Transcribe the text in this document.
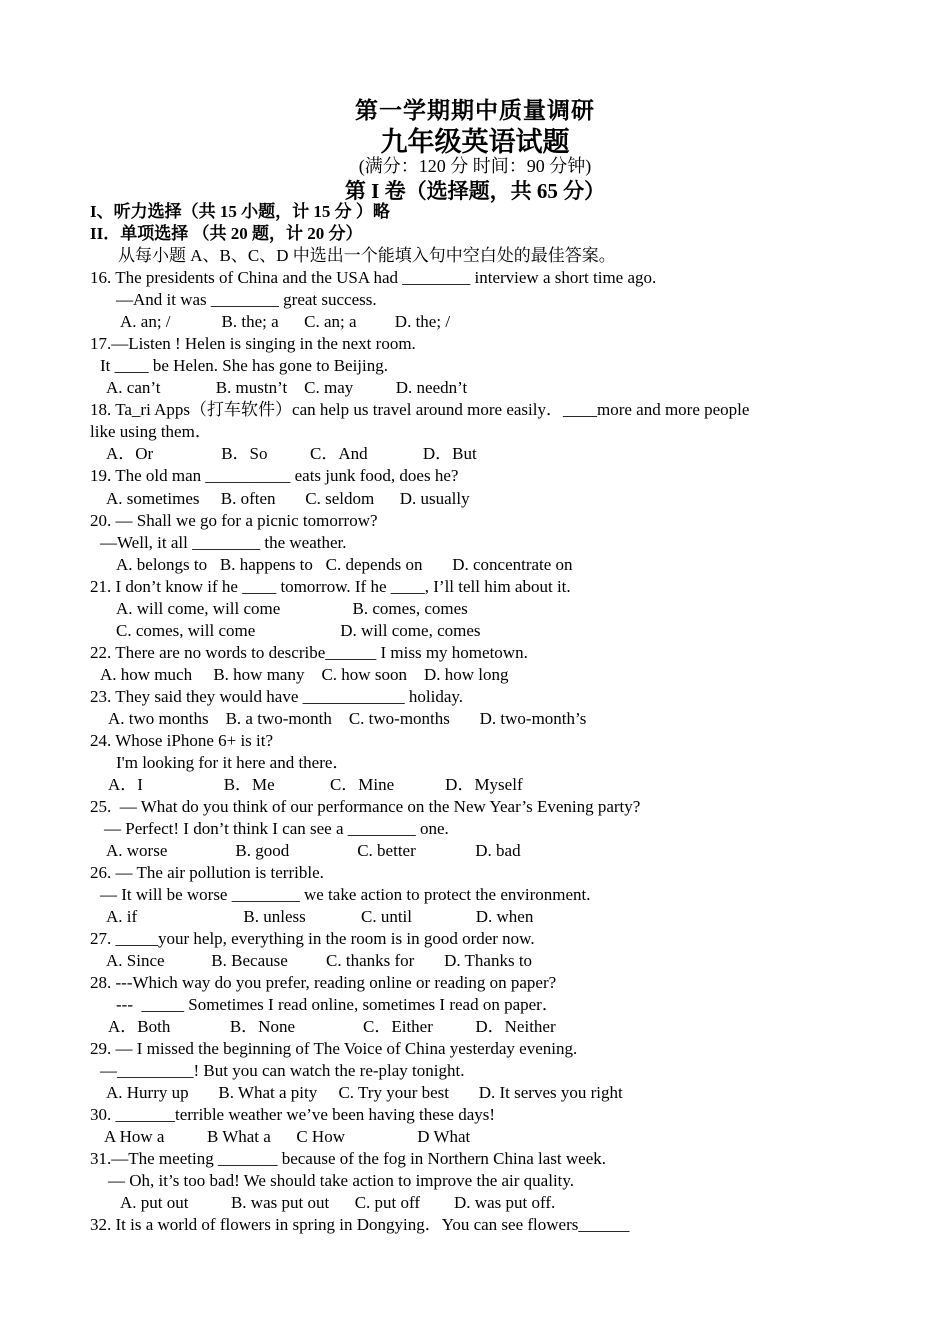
第一学期期中质量调研
九年级英语试题
(满分：120 分 时间：90 分钟)
第 I 卷（选择题，共 65 分）
I、听力选择（共 15 小题，计 15 分 ）略
II．单项选择 （共 20 题，计 20 分）
从每小题 A、B、C、D 中选出一个能填入句中空白处的最佳答案。
16. The presidents of China and the USA had ________ interview a short time ago.
—And it was ________ great success.
A. an; /            B. the; a      C. an; a         D. the; /
17.—Listen ! Helen is singing in the next room.
It ____ be Helen. She has gone to Beijing.
A. can’t             B. mustn’t    C. may          D. needn’t
18. Ta_ri Apps（打车软件）can help us travel around more easily．____more and more people
like using them．
A．Or                B．So          C．And             D．But
19. The old man __________ eats junk food, does he?
A. sometimes     B. often       C. seldom      D. usually
20. — Shall we go for a picnic tomorrow?
—Well, it all ________ the weather.
A. belongs to   B. happens to   C. depends on       D. concentrate on
21. I don’t know if he ____ tomorrow. If he ____, I’ll tell him about it.
A. will come, will come                 B. comes, comes
C. comes, will come                    D. will come, comes
22. There are no words to describe______ I miss my hometown.
A. how much     B. how many    C. how soon    D. how long
23. They said they would have ____________ holiday.
A. two months    B. a two-month    C. two-months       D. two-month’s
24. Whose iPhone 6+ is it?
I'm looking for it here and there．
A．I                   B．Me             C．Mine            D．Myself
25.  — What do you think of our performance on the New Year’s Evening party?
— Perfect! I don’t think I can see a ________ one.
A. worse                B. good                C. better              D. bad
26. — The air pollution is terrible.
— It will be worse ________ we take action to protect the environment.
A. if                         B. unless             C. until               D. when
27. _____your help, everything in the room is in good order now.
A. Since           B. Because         C. thanks for       D. Thanks to
28. ---Which way do you prefer, reading online or reading on paper?
---  _____ Sometimes I read online, sometimes I read on paper．
A．Both              B．None                C．Either          D．Neither
29. — I missed the beginning of The Voice of China yesterday evening.
—_________! But you can watch the re-play tonight.
A. Hurry up       B. What a pity     C. Try your best       D. It serves you right
30. _______terrible weather we’ve been having these days!
A How a          B What a      C How                 D What
31.—The meeting _______ because of the fog in Northern China last week.
— Oh, it’s too bad! We should take action to improve the air quality.
A. put out          B. was put out      C. put off        D. was put off.
32. It is a world of flowers in spring in Dongying．You can see flowers______
